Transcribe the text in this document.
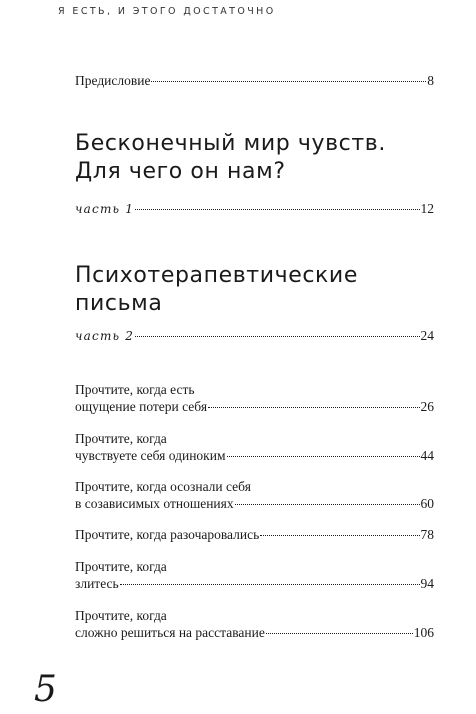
Я ЕСТЬ, И ЭТОГО ДОСТАТОЧНО
Предисловие	8
Бесконечный мир чувств.
Для чего он нам?
часть 1	12
Психотерапевтические
письма
часть 2	24
Прочтите, когда есть
ощущение потери себя	26
Прочтите, когда
чувствуете себя одиноким	44
Прочтите, когда осознали себя
в созависимых отношениях	60
Прочтите, когда разочаровались	78
Прочтите, когда
злитесь	94
Прочтите, когда
сложно решиться на расставание	106
5
